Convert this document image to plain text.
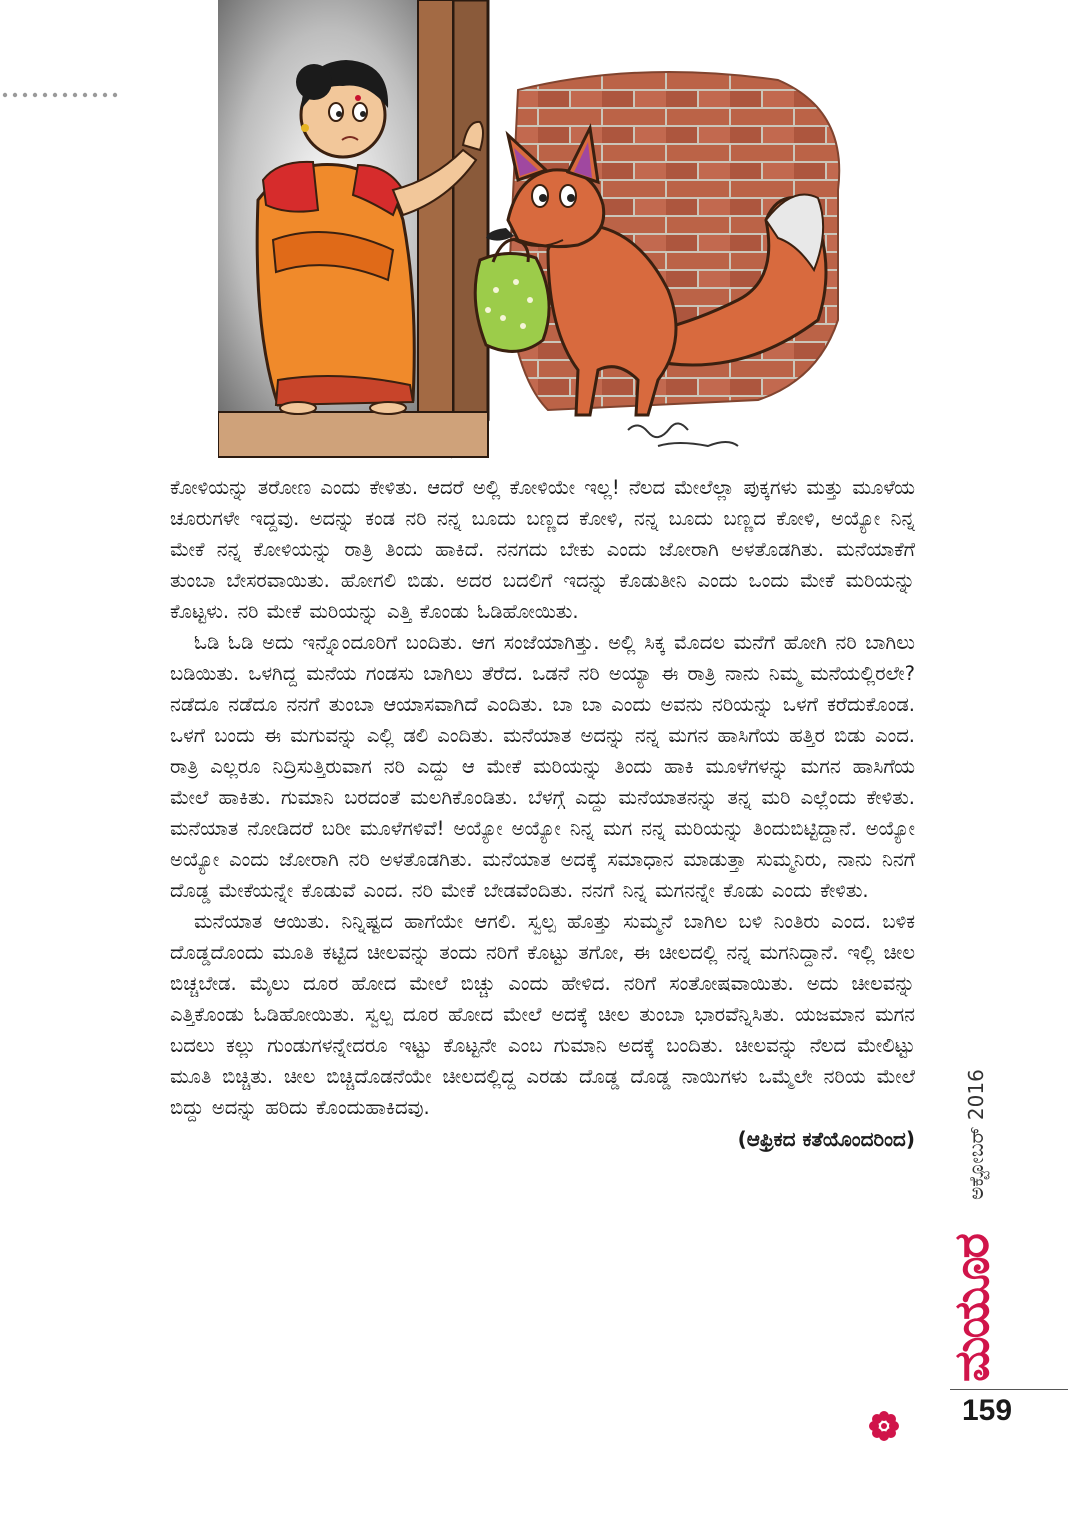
ಕೋಳಿಯನ್ನು ತರೋಣ ಎಂದು ಕೇಳಿತು. ಆದರೆ ಅಲ್ಲಿ ಕೋಳಿಯೇ ಇಲ್ಲ! ನೆಲದ ಮೇಲೆಲ್ಲಾ ಪುಕ್ಕಗಳು ಮತ್ತು ಮೂಳೆಯ ಚೂರುಗಳೇ ಇದ್ದವು. ಅದನ್ನು ಕಂಡ ನರಿ ನನ್ನ ಬೂದು ಬಣ್ಣದ ಕೋಳಿ, ನನ್ನ ಬೂದು ಬಣ್ಣದ ಕೋಳಿ, ಅಯ್ಯೋ ನಿನ್ನ ಮೇಕೆ ನನ್ನ ಕೋಳಿಯನ್ನು ರಾತ್ರಿ ತಿಂದು ಹಾಕಿದೆ. ನನಗದು ಬೇಕು ಎಂದು ಜೋರಾಗಿ ಅಳತೊಡಗಿತು. ಮನೆಯಾಕೆಗೆ ತುಂಬಾ ಬೇಸರವಾಯಿತು. ಹೋಗಲಿ ಬಿಡು. ಅದರ ಬದಲಿಗೆ ಇದನ್ನು ಕೊಡುತೀನಿ ಎಂದು ಒಂದು ಮೇಕೆ ಮರಿಯನ್ನು ಕೊಟ್ಟಳು. ನರಿ ಮೇಕೆ ಮರಿಯನ್ನು ಎತ್ತಿ ಕೊಂಡು ಓಡಿಹೋಯಿತು.

ಓಡಿ ಓಡಿ ಅದು ಇನ್ನೊಂದೂರಿಗೆ ಬಂದಿತು. ಆಗ ಸಂಜೆಯಾಗಿತ್ತು. ಅಲ್ಲಿ ಸಿಕ್ಕ ಮೊದಲ ಮನೆಗೆ ಹೋಗಿ ನರಿ ಬಾಗಿಲು ಬಡಿಯಿತು. ಒಳಗಿದ್ದ ಮನೆಯ ಗಂಡಸು ಬಾಗಿಲು ತೆರೆದ. ಒಡನೆ ನರಿ ಅಯ್ಯಾ ಈ ರಾತ್ರಿ ನಾನು ನಿಮ್ಮ ಮನೆಯಲ್ಲಿರಲೇ? ನಡೆದೂ ನಡೆದೂ ನನಗೆ ತುಂಬಾ ಆಯಾಸವಾಗಿದೆ ಎಂದಿತು. ಬಾ ಬಾ ಎಂದು ಅವನು ನರಿಯನ್ನು ಒಳಗೆ ಕರೆದುಕೊಂಡ. ಒಳಗೆ ಬಂದು ಈ ಮಗುವನ್ನು ಎಲ್ಲಿ ಡಲಿ ಎಂದಿತು. ಮನೆಯಾತ ಅದನ್ನು ನನ್ನ ಮಗನ ಹಾಸಿಗೆಯ ಹತ್ತಿರ ಬಿಡು ಎಂದ. ರಾತ್ರಿ ಎಲ್ಲರೂ ನಿದ್ರಿಸುತ್ತಿರುವಾಗ ನರಿ ಎದ್ದು ಆ ಮೇಕೆ ಮರಿಯನ್ನು ತಿಂದು ಹಾಕಿ ಮೂಳೆಗಳನ್ನು ಮಗನ ಹಾಸಿಗೆಯ ಮೇಲೆ ಹಾಕಿತು. ಗುಮಾನಿ ಬರದಂತೆ ಮಲಗಿಕೊಂಡಿತು. ಬೆಳಗ್ಗೆ ಎದ್ದು ಮನೆಯಾತನನ್ನು ತನ್ನ ಮರಿ ಎಲ್ಲೆಂದು ಕೇಳಿತು. ಮನೆಯಾತ ನೋಡಿದರೆ ಬರೀ ಮೂಳೆಗಳಿವೆ! ಅಯ್ಯೋ ಅಯ್ಯೋ ನಿನ್ನ ಮಗ ನನ್ನ ಮರಿಯನ್ನು ತಿಂದುಬಿಟ್ಟಿದ್ದಾನೆ. ಅಯ್ಯೋ ಅಯ್ಯೋ ಎಂದು ಜೋರಾಗಿ ನರಿ ಅಳತೊಡಗಿತು. ಮನೆಯಾತ ಅದಕ್ಕೆ ಸಮಾಧಾನ ಮಾಡುತ್ತಾ ಸುಮ್ಮನಿರು, ನಾನು ನಿನಗೆ ದೊಡ್ಡ ಮೇಕೆಯನ್ನೇ ಕೊಡುವೆ ಎಂದ. ನರಿ ಮೇಕೆ ಬೇಡವೆಂದಿತು. ನನಗೆ ನಿನ್ನ ಮಗನನ್ನೇ ಕೊಡು ಎಂದು ಕೇಳಿತು.

ಮನೆಯಾತ ಆಯಿತು. ನಿನ್ನಿಷ್ಟದ ಹಾಗೆಯೇ ಆಗಲಿ. ಸ್ವಲ್ಪ ಹೊತ್ತು ಸುಮ್ಮನೆ ಬಾಗಿಲ ಬಳಿ ನಿಂತಿರು ಎಂದ. ಬಳಿಕ ದೊಡ್ಡದೊಂದು ಮೂತಿ ಕಟ್ಟಿದ ಚೀಲವನ್ನು ತಂದು ನರಿಗೆ ಕೊಟ್ಟು ತಗೋ, ಈ ಚೀಲದಲ್ಲಿ ನನ್ನ ಮಗನಿದ್ದಾನೆ. ಇಲ್ಲಿ ಚೀಲ ಬಿಚ್ಚಬೇಡ. ಮೈಲು ದೂರ ಹೋದ ಮೇಲೆ ಬಿಚ್ಚು ಎಂದು ಹೇಳಿದ. ನರಿಗೆ ಸಂತೋಷವಾಯಿತು. ಅದು ಚೀಲವನ್ನು ಎತ್ತಿಕೊಂಡು ಓಡಿಹೋಯಿತು. ಸ್ವಲ್ಪ ದೂರ ಹೋದ ಮೇಲೆ ಅದಕ್ಕೆ ಚೀಲ ತುಂಬಾ ಭಾರವೆನ್ನಿಸಿತು. ಯಜಮಾನ ಮಗನ ಬದಲು ಕಲ್ಲು ಗುಂಡುಗಳನ್ನೇದರೂ ಇಟ್ಟು ಕೊಟ್ಟನೇ ಎಂಬ ಗುಮಾನಿ ಅದಕ್ಕೆ ಬಂದಿತು. ಚೀಲವನ್ನು ನೆಲದ ಮೇಲಿಟ್ಟು ಮೂತಿ ಬಿಚ್ಚಿತು. ಚೀಲ ಬಿಚ್ಚಿದೊಡನೆಯೇ ಚೀಲದಲ್ಲಿದ್ದ ಎರಡು ದೊಡ್ಡ ದೊಡ್ಡ ನಾಯಿಗಳು ಒಮ್ಮೆಲೇ ನರಿಯ ಮೇಲೆ ಬಿದ್ದು ಅದನ್ನು ಹರಿದು ಕೊಂದುಹಾಕಿದವು.

(ಆಫ್ರಿಕದ ಕತೆಯೊಂದರಿಂದ) ಅಕ್ಟೋಬರ್ 2016
ಮಯೂರ
159
